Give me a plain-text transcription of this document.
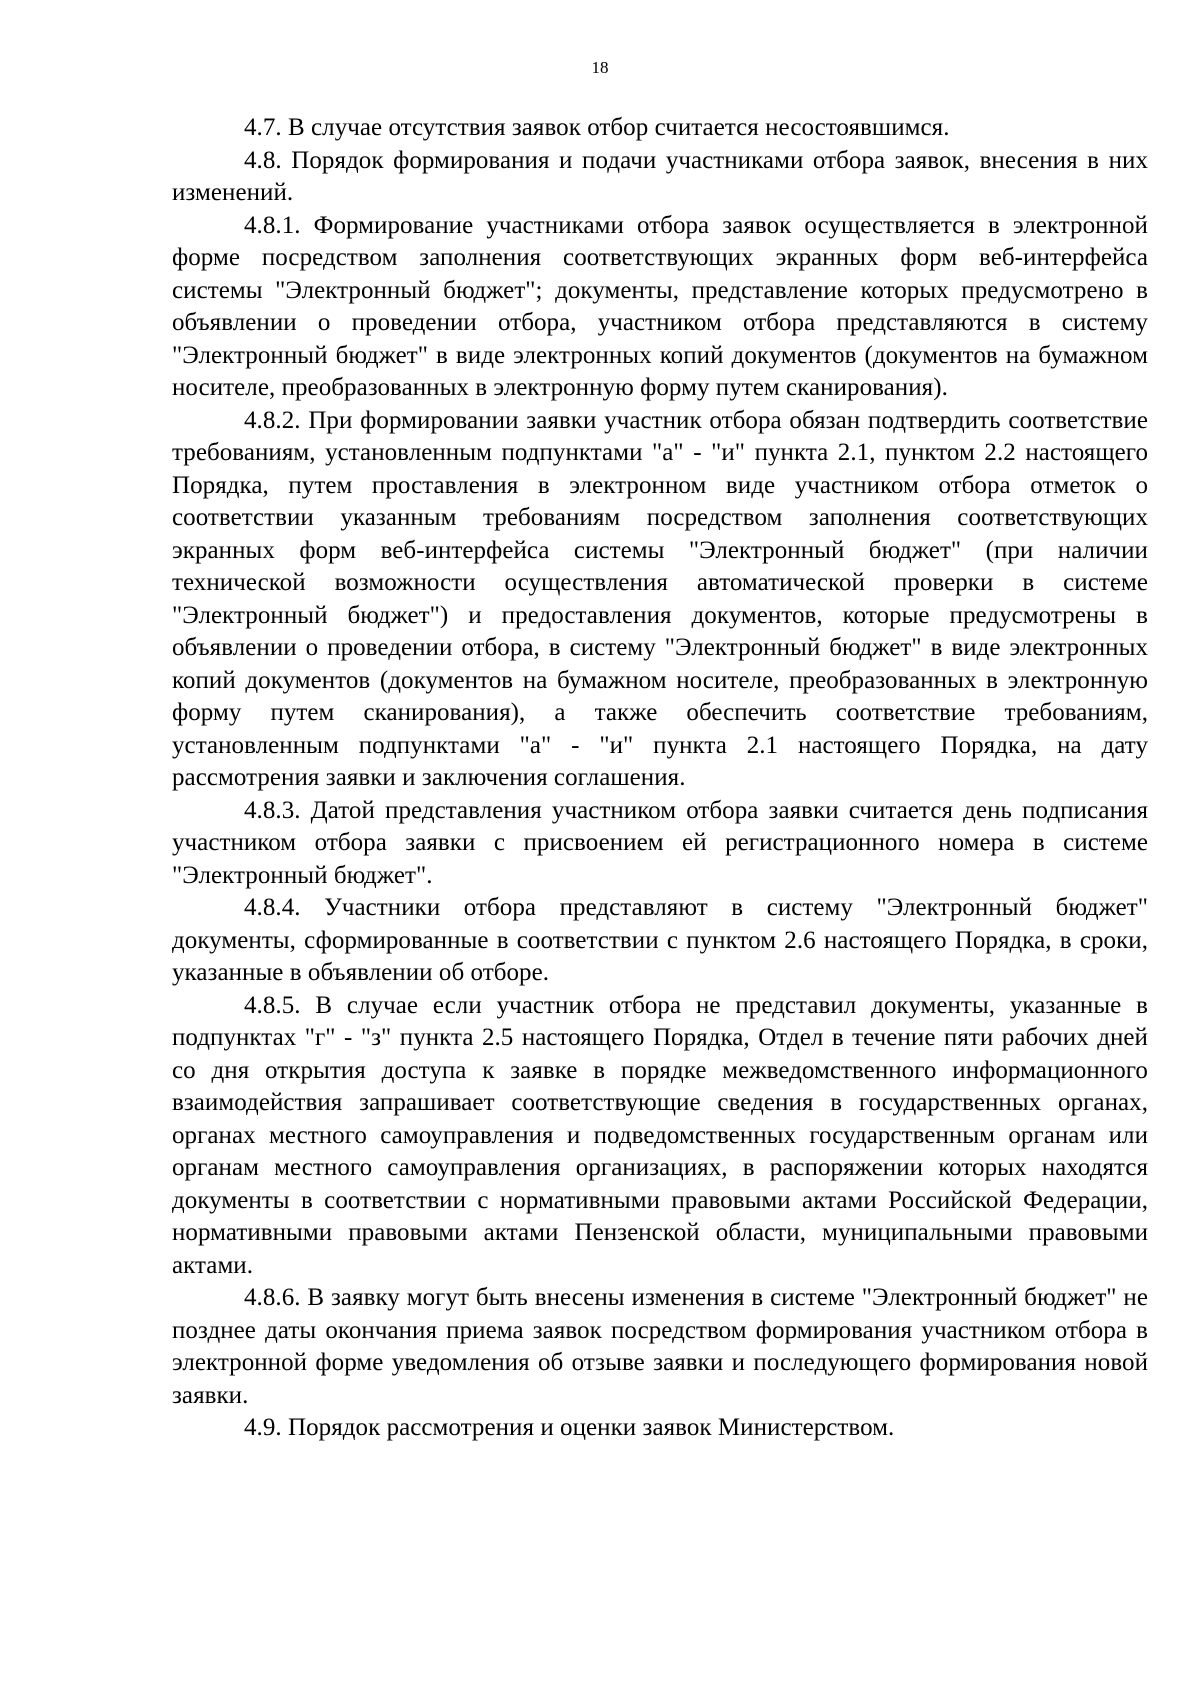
18

4.7. В случае отсутствия заявок отбор считается несостоявшимся.

4.8. Порядок формирования и подачи участниками отбора заявок, внесения в них изменений.

4.8.1. Формирование участниками отбора заявок осуществляется в электронной форме посредством заполнения соответствующих экранных форм веб-интерфейса системы "Электронный бюджет"; документы, представление которых предусмотрено в объявлении о проведении отбора, участником отбора представляются в систему "Электронный бюджет" в виде электронных копий документов (документов на бумажном носителе, преобразованных в электронную форму путем сканирования).

4.8.2. При формировании заявки участник отбора обязан подтвердить соответствие требованиям, установленным подпунктами "а" - "и" пункта 2.1, пунктом 2.2 настоящего Порядка, путем проставления в электронном виде участником отбора отметок о соответствии указанным требованиям посредством заполнения соответствующих экранных форм веб-интерфейса системы "Электронный бюджет" (при наличии технической возможности осуществления автоматической проверки в системе "Электронный бюджет") и предоставления документов, которые предусмотрены в объявлении о проведении отбора, в систему "Электронный бюджет" в виде электронных копий документов (документов на бумажном носителе, преобразованных в электронную форму путем сканирования), а также обеспечить соответствие требованиям, установленным подпунктами "а" - "и" пункта 2.1 настоящего Порядка, на дату рассмотрения заявки и заключения соглашения.

4.8.3. Датой представления участником отбора заявки считается день подписания участником отбора заявки с присвоением ей регистрационного номера в системе "Электронный бюджет".

4.8.4. Участники отбора представляют в систему "Электронный бюджет" документы, сформированные в соответствии с пунктом 2.6 настоящего Порядка, в сроки, указанные в объявлении об отборе.

4.8.5. В случае если участник отбора не представил документы, указанные в подпунктах "г" - "з" пункта 2.5 настоящего Порядка, Отдел в течение пяти рабочих дней со дня открытия доступа к заявке в порядке межведомственного информационного взаимодействия запрашивает соответствующие сведения в государственных органах, органах местного самоуправления и подведомственных государственным органам или органам местного самоуправления организациях, в распоряжении которых находятся документы в соответствии с нормативными правовыми актами Российской Федерации, нормативными правовыми актами Пензенской области, муниципальными правовыми актами.

4.8.6. В заявку могут быть внесены изменения в системе "Электронный бюджет" не позднее даты окончания приема заявок посредством формирования участником отбора в электронной форме уведомления об отзыве заявки и последующего формирования новой заявки.

4.9. Порядок рассмотрения и оценки заявок Министерством.
